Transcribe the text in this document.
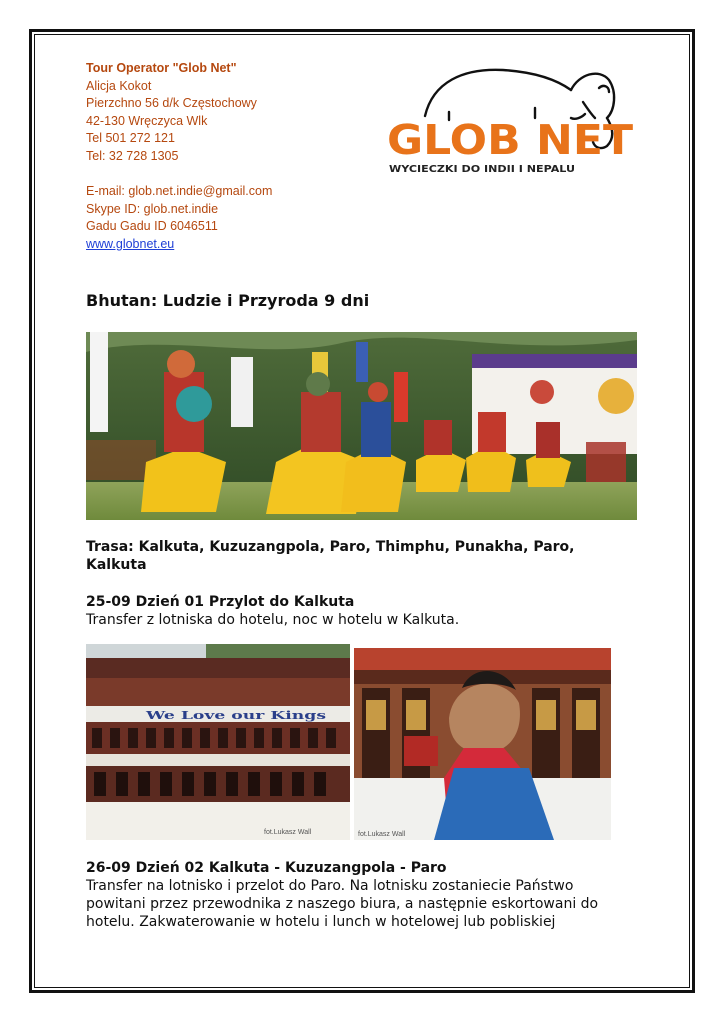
Tour Operator "Glob Net"
Alicja Kokot
Pierzchno 56 d/k Częstochowy
42-130 Wręczyca Wlk
Tel 501 272 121
Tel: 32 728 1305
E-mail: glob.net.indie@gmail.com
Skype ID: glob.net.indie
Gadu Gadu ID 6046511
www.globnet.eu
GLOB NET
WYCIECZKI DO INDII I NEPALU
Bhutan: Ludzie i Przyroda 9 dni
Trasa: Kalkuta, Kuzuzangpola, Paro, Thimphu, Punakha, Paro, Kalkuta
25-09 Dzień 01 Przylot do Kalkuta
Transfer z lotniska do hotelu, noc w hotelu w Kalkuta.
We Love our Kings
fot.Lukasz Wall	fot.Lukasz Wall
26-09 Dzień 02 Kalkuta - Kuzuzangpola - Paro
Transfer na lotnisko i przelot do Paro. Na lotnisku zostaniecie Państwo powitani przez przewodnika z naszego biura, a następnie eskortowani do hotelu. Zakwaterowanie w hotelu i lunch w hotelowej lub pobliskiej
